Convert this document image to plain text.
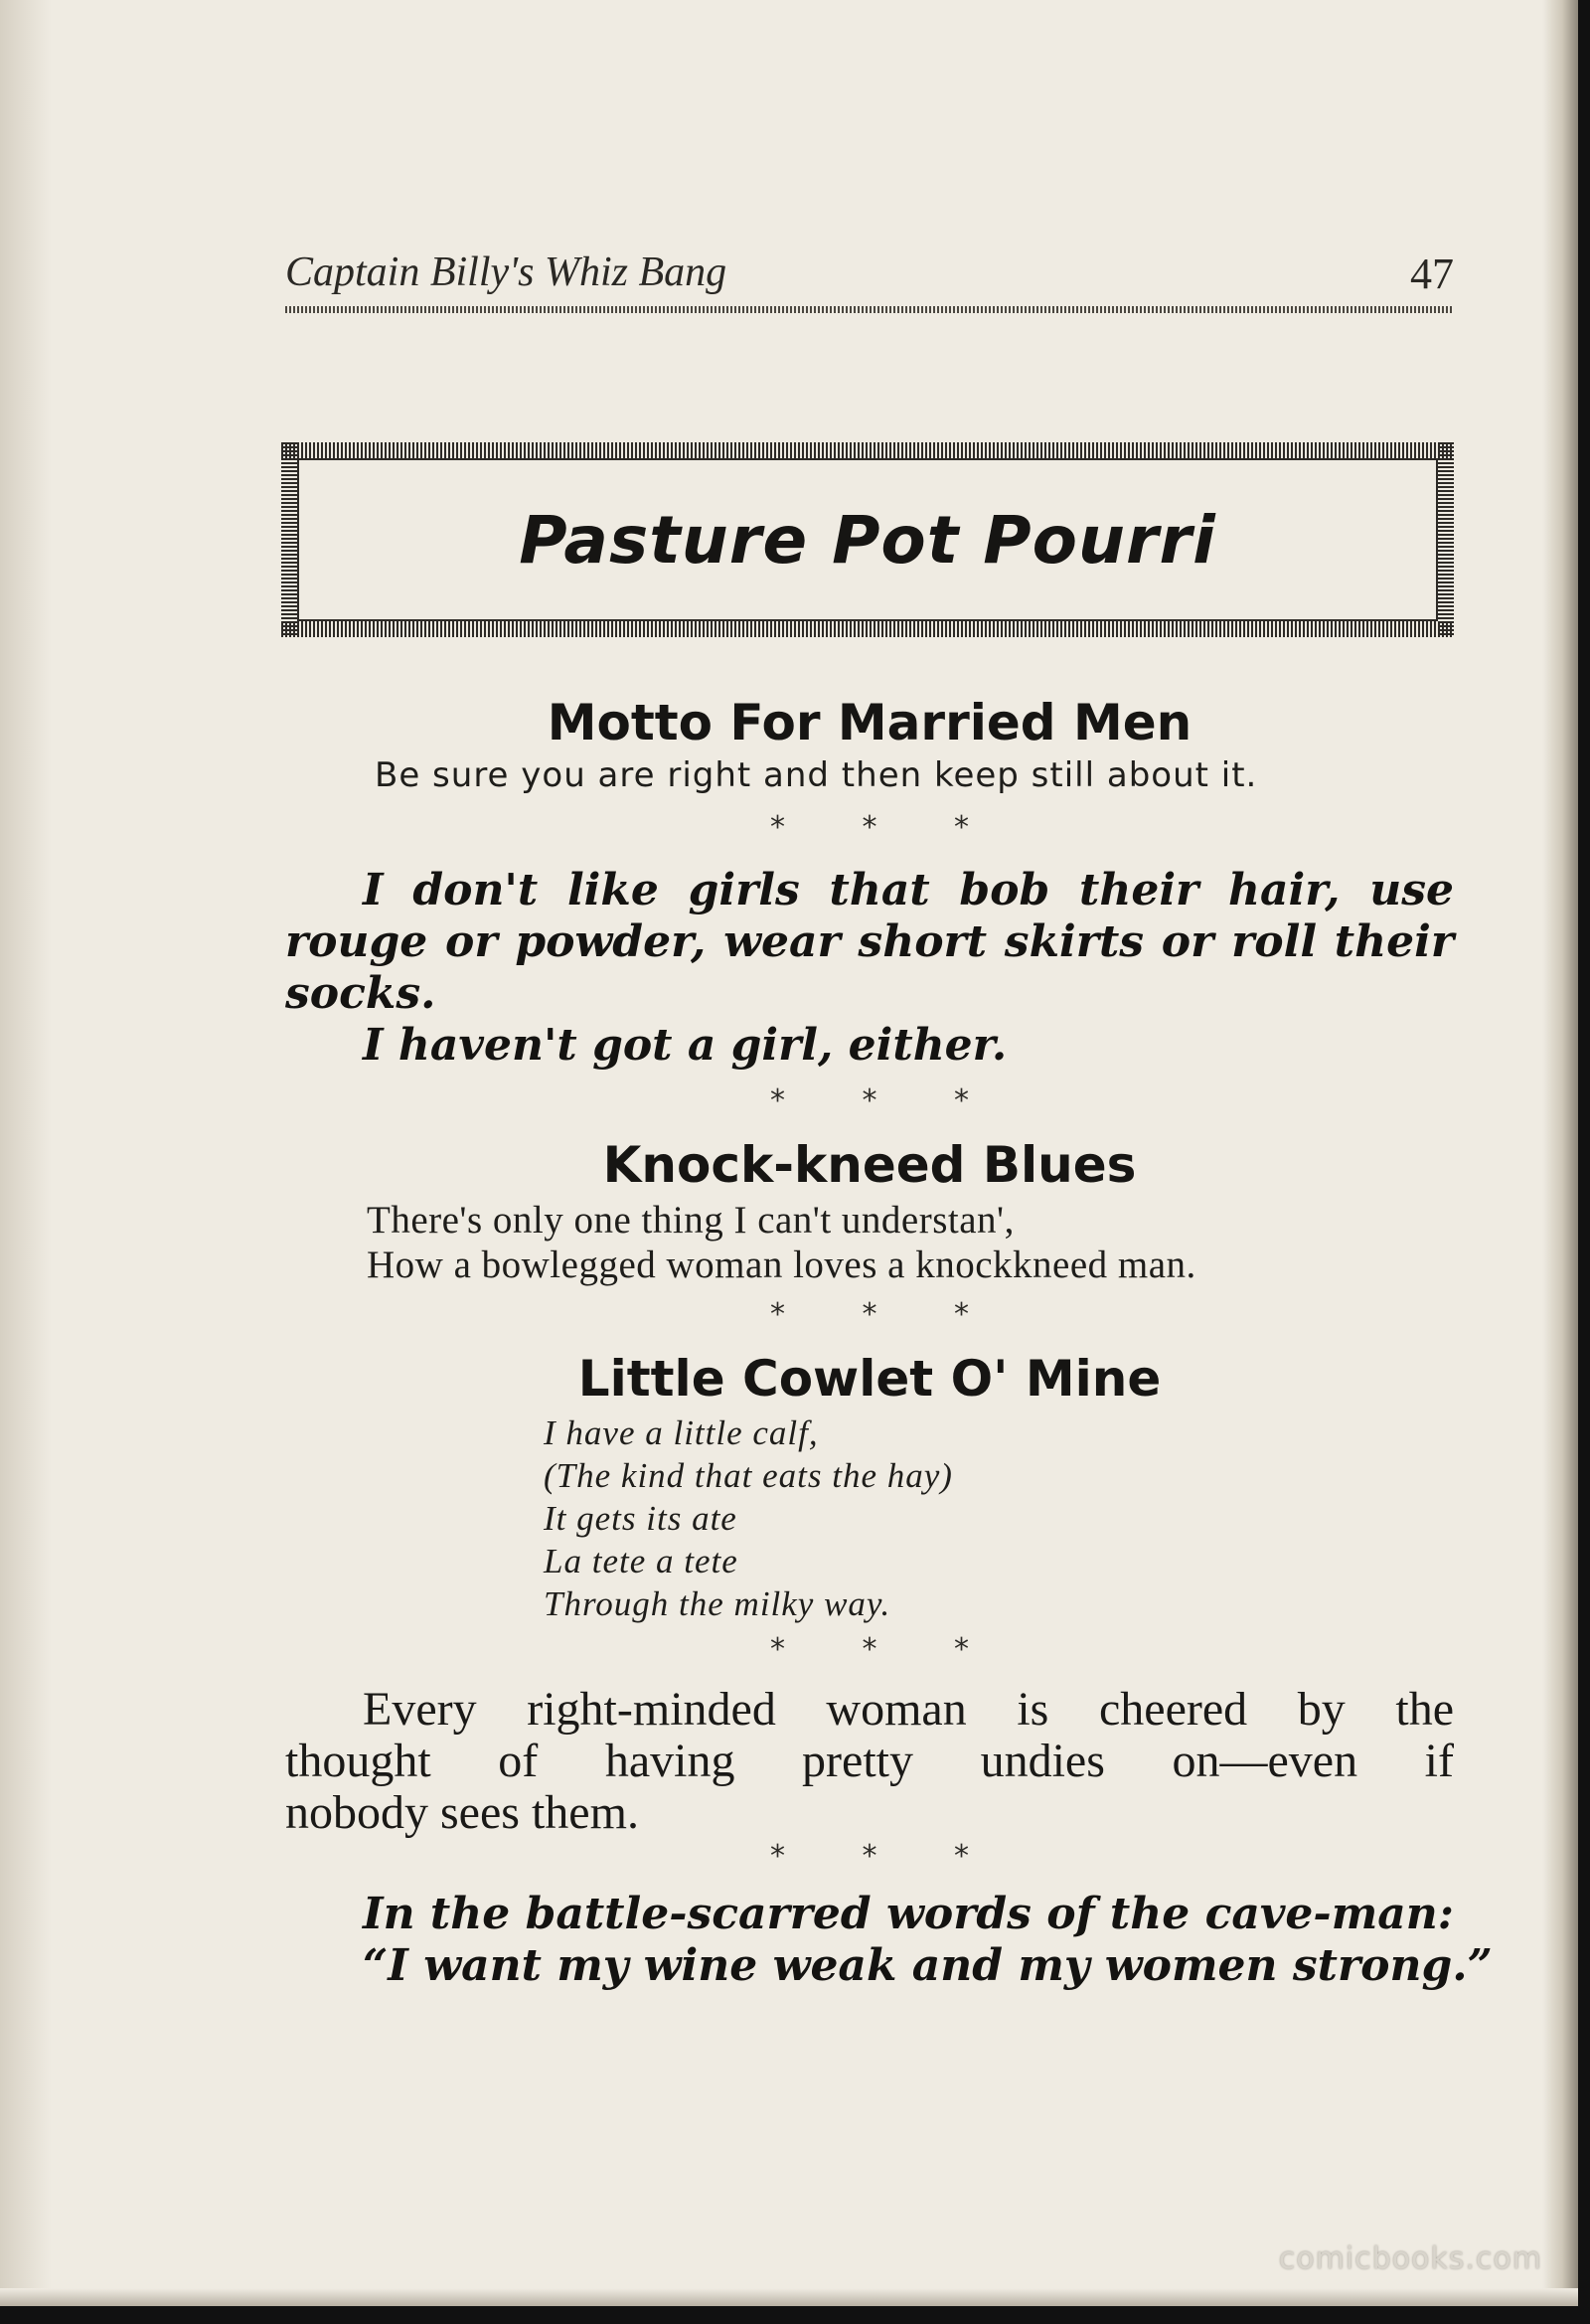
Captain Billy's Whiz Bang	47
Pasture Pot Pourri
Motto For Married Men
Be sure you are right and then keep still about it.
* * *
I don't like girls that bob their hair, use
rouge or powder, wear short skirts or roll their
socks.
I haven't got a girl, either.
* * *
Knock-kneed Blues
There's only one thing I can't understan',
How a bowlegged woman loves a knockkneed man.
* * *
Little Cowlet O' Mine
I have a little calf,
(The kind that eats the hay)
It gets its ate
La tete a tete
Through the milky way.
* * *
Every right-minded woman is cheered by the
thought of having pretty undies on—even if
nobody sees them.
* * *
In the battle-scarred words of the cave-man:
“I want my wine weak and my women strong.”
comicbooks.com
